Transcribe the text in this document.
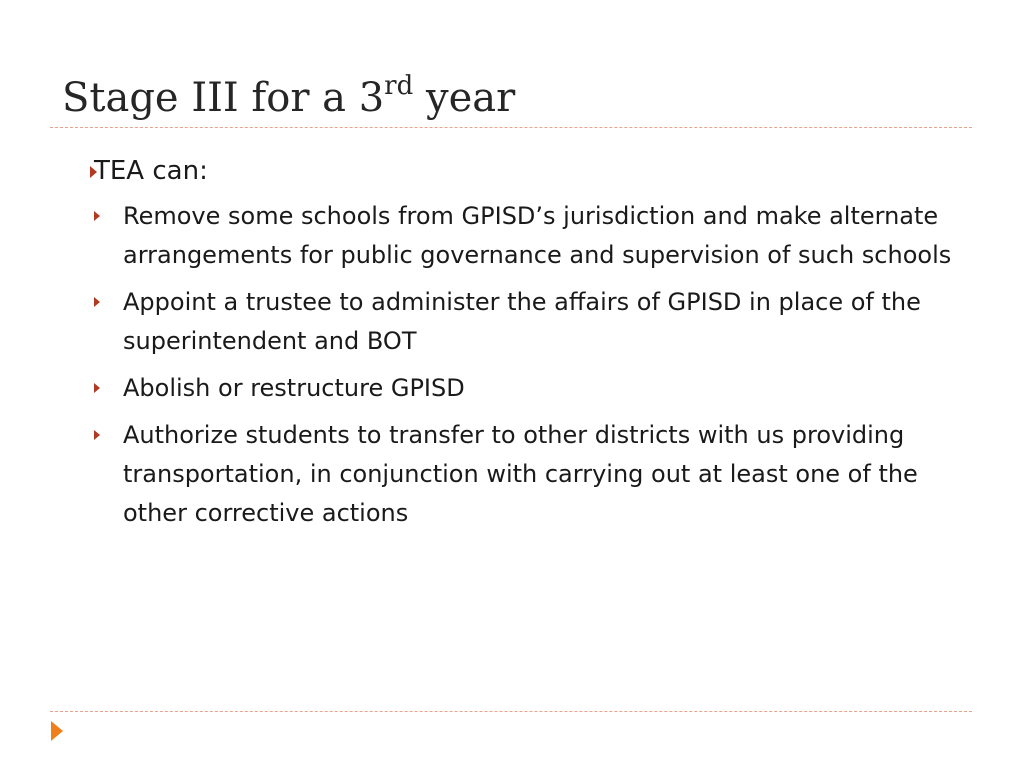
Stage III for a 3rd year
TEA can:
Remove some schools from GPISD’s jurisdiction and make alternate arrangements for public governance and supervision of such schools
Appoint a trustee to administer the affairs of GPISD in place of the superintendent and BOT
Abolish or restructure GPISD
Authorize students to transfer to other districts with us providing transportation, in conjunction with carrying out at least one of the other corrective actions
